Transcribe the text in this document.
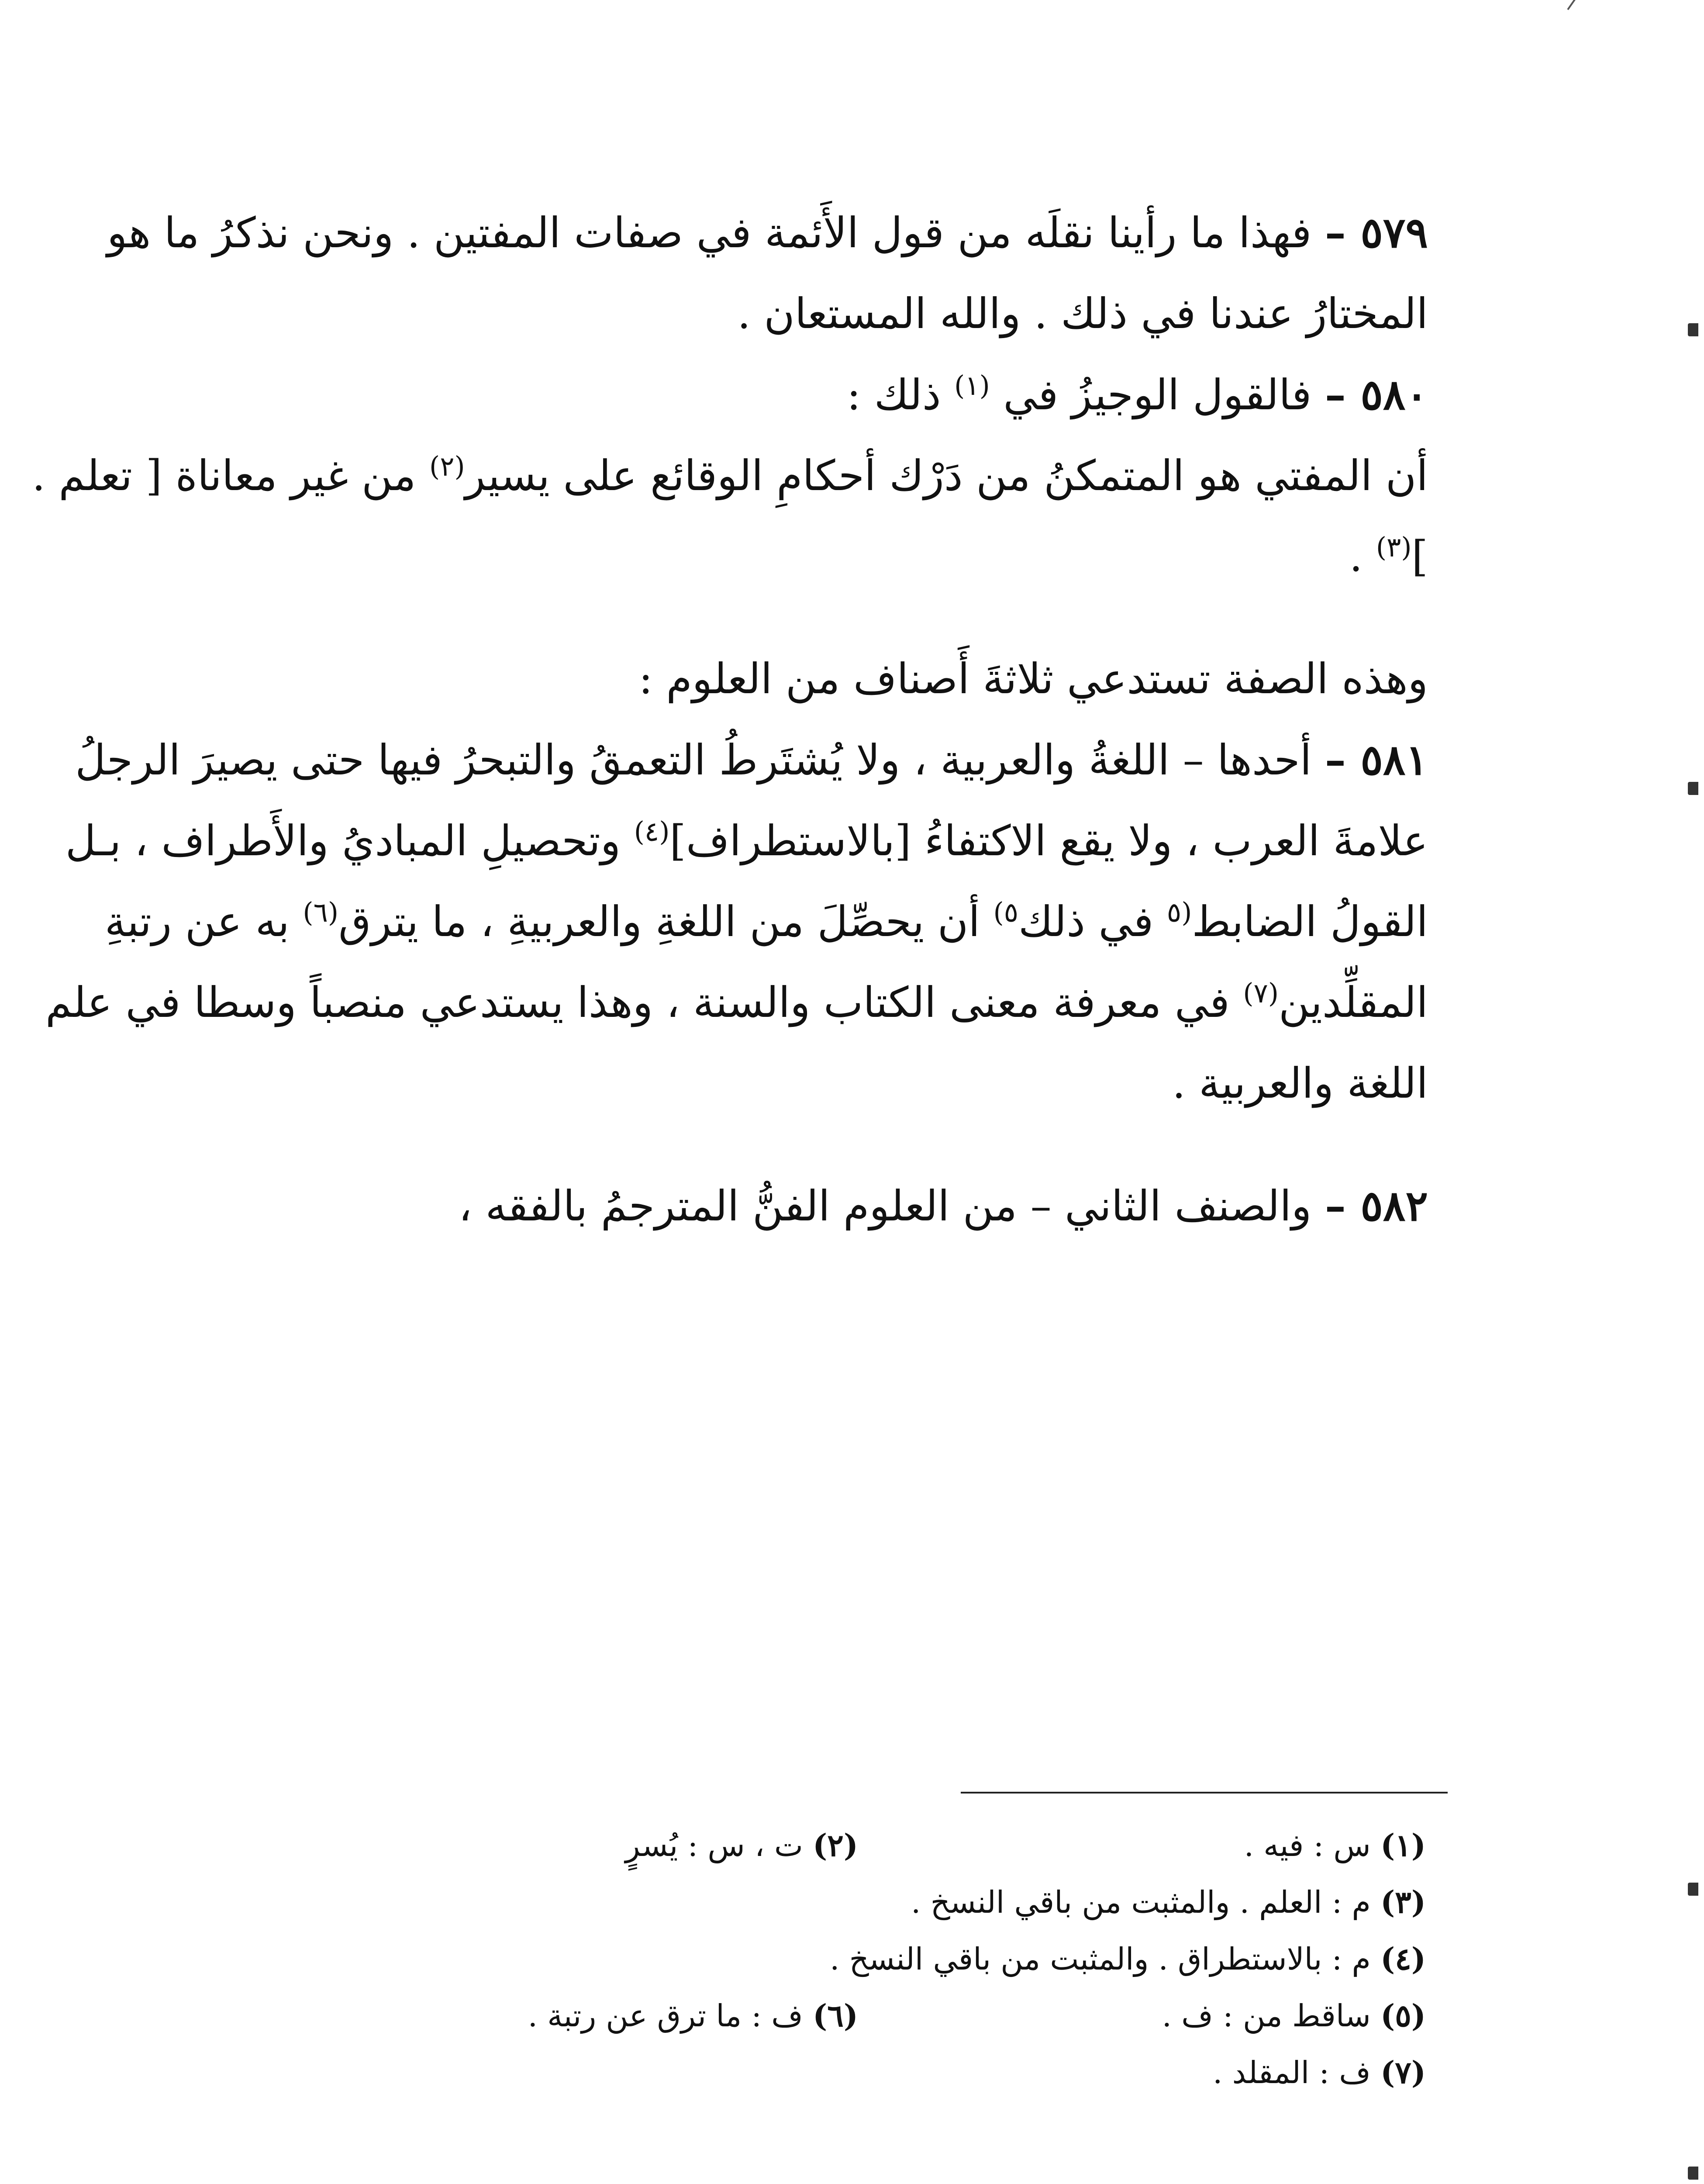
٥٧٩ – فهذا ما رأينا نقلَه من قول الأَئمة في صفات المفتين . ونحن نذكرُ ما هو المختارُ عندنا في ذلك . والله المستعان .

٥٨٠ – فالقول الوجيزُ في $^{(١)}$ ذلك :

أن المفتي هو المتمكنُ من دَرْك أحكامِ الوقائع على يسير$^{(٢)}$ من غير معاناة [ تعلم . ]$^{(٣)}$ .

وهذه الصفة تستدعي ثلاثةَ أَصناف من العلوم :

٥٨١ – أحدها – اللغةُ والعربية ، ولا يُشتَرطُ التعمقُ والتبحرُ فيها حتى يصيرَ الرجلُ علامةَ العرب ، ولا يقع الاكتفاءُ [بالاستطراف]$^{(٤)}$ وتحصيلِ المباديُ والأَطراف ، بـل القولُ الضابط$^{(٥}$ في ذلك$^{٥)}$ أن يحصِّلَ من اللغةِ والعربيةِ ، ما يترق$^{(٦)}$ به عن رتبةِ المقلِّدين$^{(٧)}$ في معرفة معنى الكتاب والسنة ، وهذا يستدعي منصباً وسطا في علم اللغة والعربية .

٥٨٢ – والصنف الثاني – من العلوم الفنُّ المترجمُ بالفقه ،

(١) س : فيه .
(٢) ت ، س : يُسرٍ
(٣) م : العلم . والمثبت من باقي النسخ .
(٤) م : بالاستطراق . والمثبت من باقي النسخ .
(٥) ساقط من : ف .
(٦) ف : ما ترق عن رتبة .
(٧) ف : المقلد .
